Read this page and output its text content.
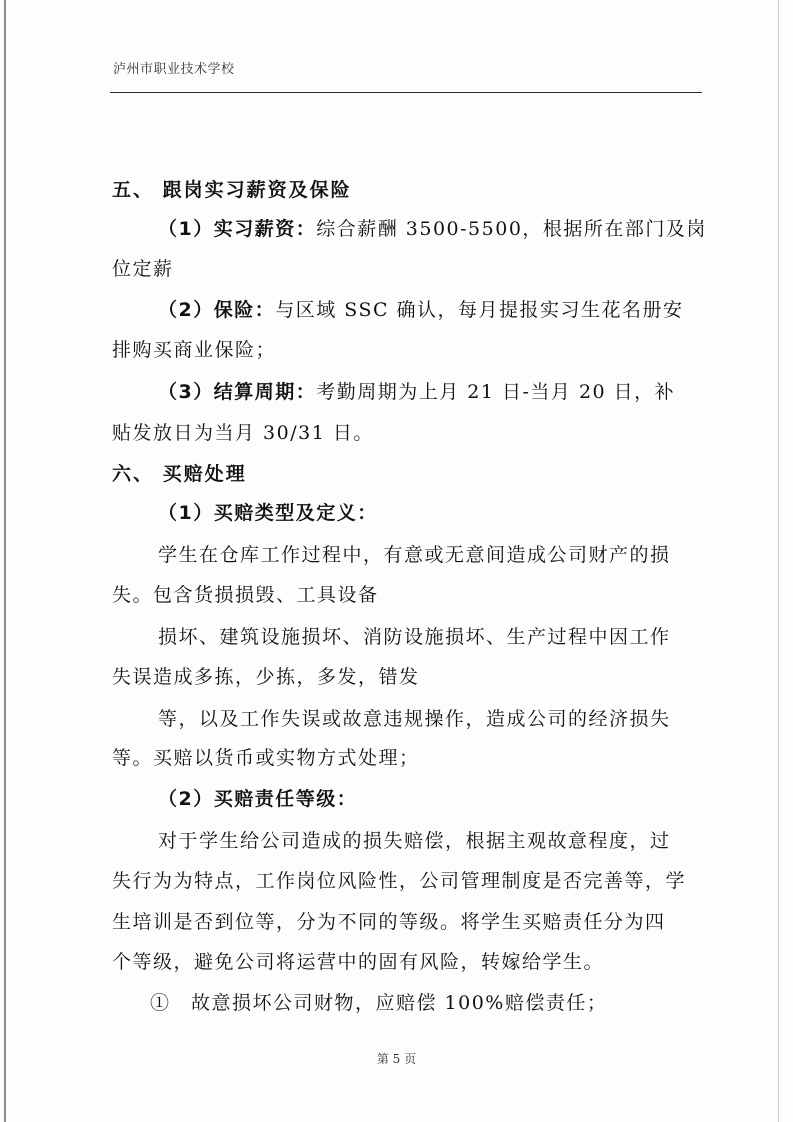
泸州市职业技术学校
五、 跟岗实习薪资及保险
（1）实习薪资：综合薪酬 3500-5500，根据所在部门及岗
位定薪
（2）保险：与区域 SSC 确认，每月提报实习生花名册安
排购买商业保险；
（3）结算周期：考勤周期为上月 21 日-当月 20 日，补
贴发放日为当月 30/31 日。
六、 买赔处理
（1）买赔类型及定义：
学生在仓库工作过程中，有意或无意间造成公司财产的损
失。包含货损损毁、工具设备
损坏、建筑设施损坏、消防设施损坏、生产过程中因工作
失误造成多拣，少拣，多发，错发
等，以及工作失误或故意违规操作，造成公司的经济损失
等。买赔以货币或实物方式处理；
（2）买赔责任等级：
对于学生给公司造成的损失赔偿，根据主观故意程度，过
失行为为特点，工作岗位风险性，公司管理制度是否完善等，学
生培训是否到位等，分为不同的等级。将学生买赔责任分为四
个等级，避免公司将运营中的固有风险，转嫁给学生。
①　故意损坏公司财物，应赔偿 100%赔偿责任；
第 5 页
